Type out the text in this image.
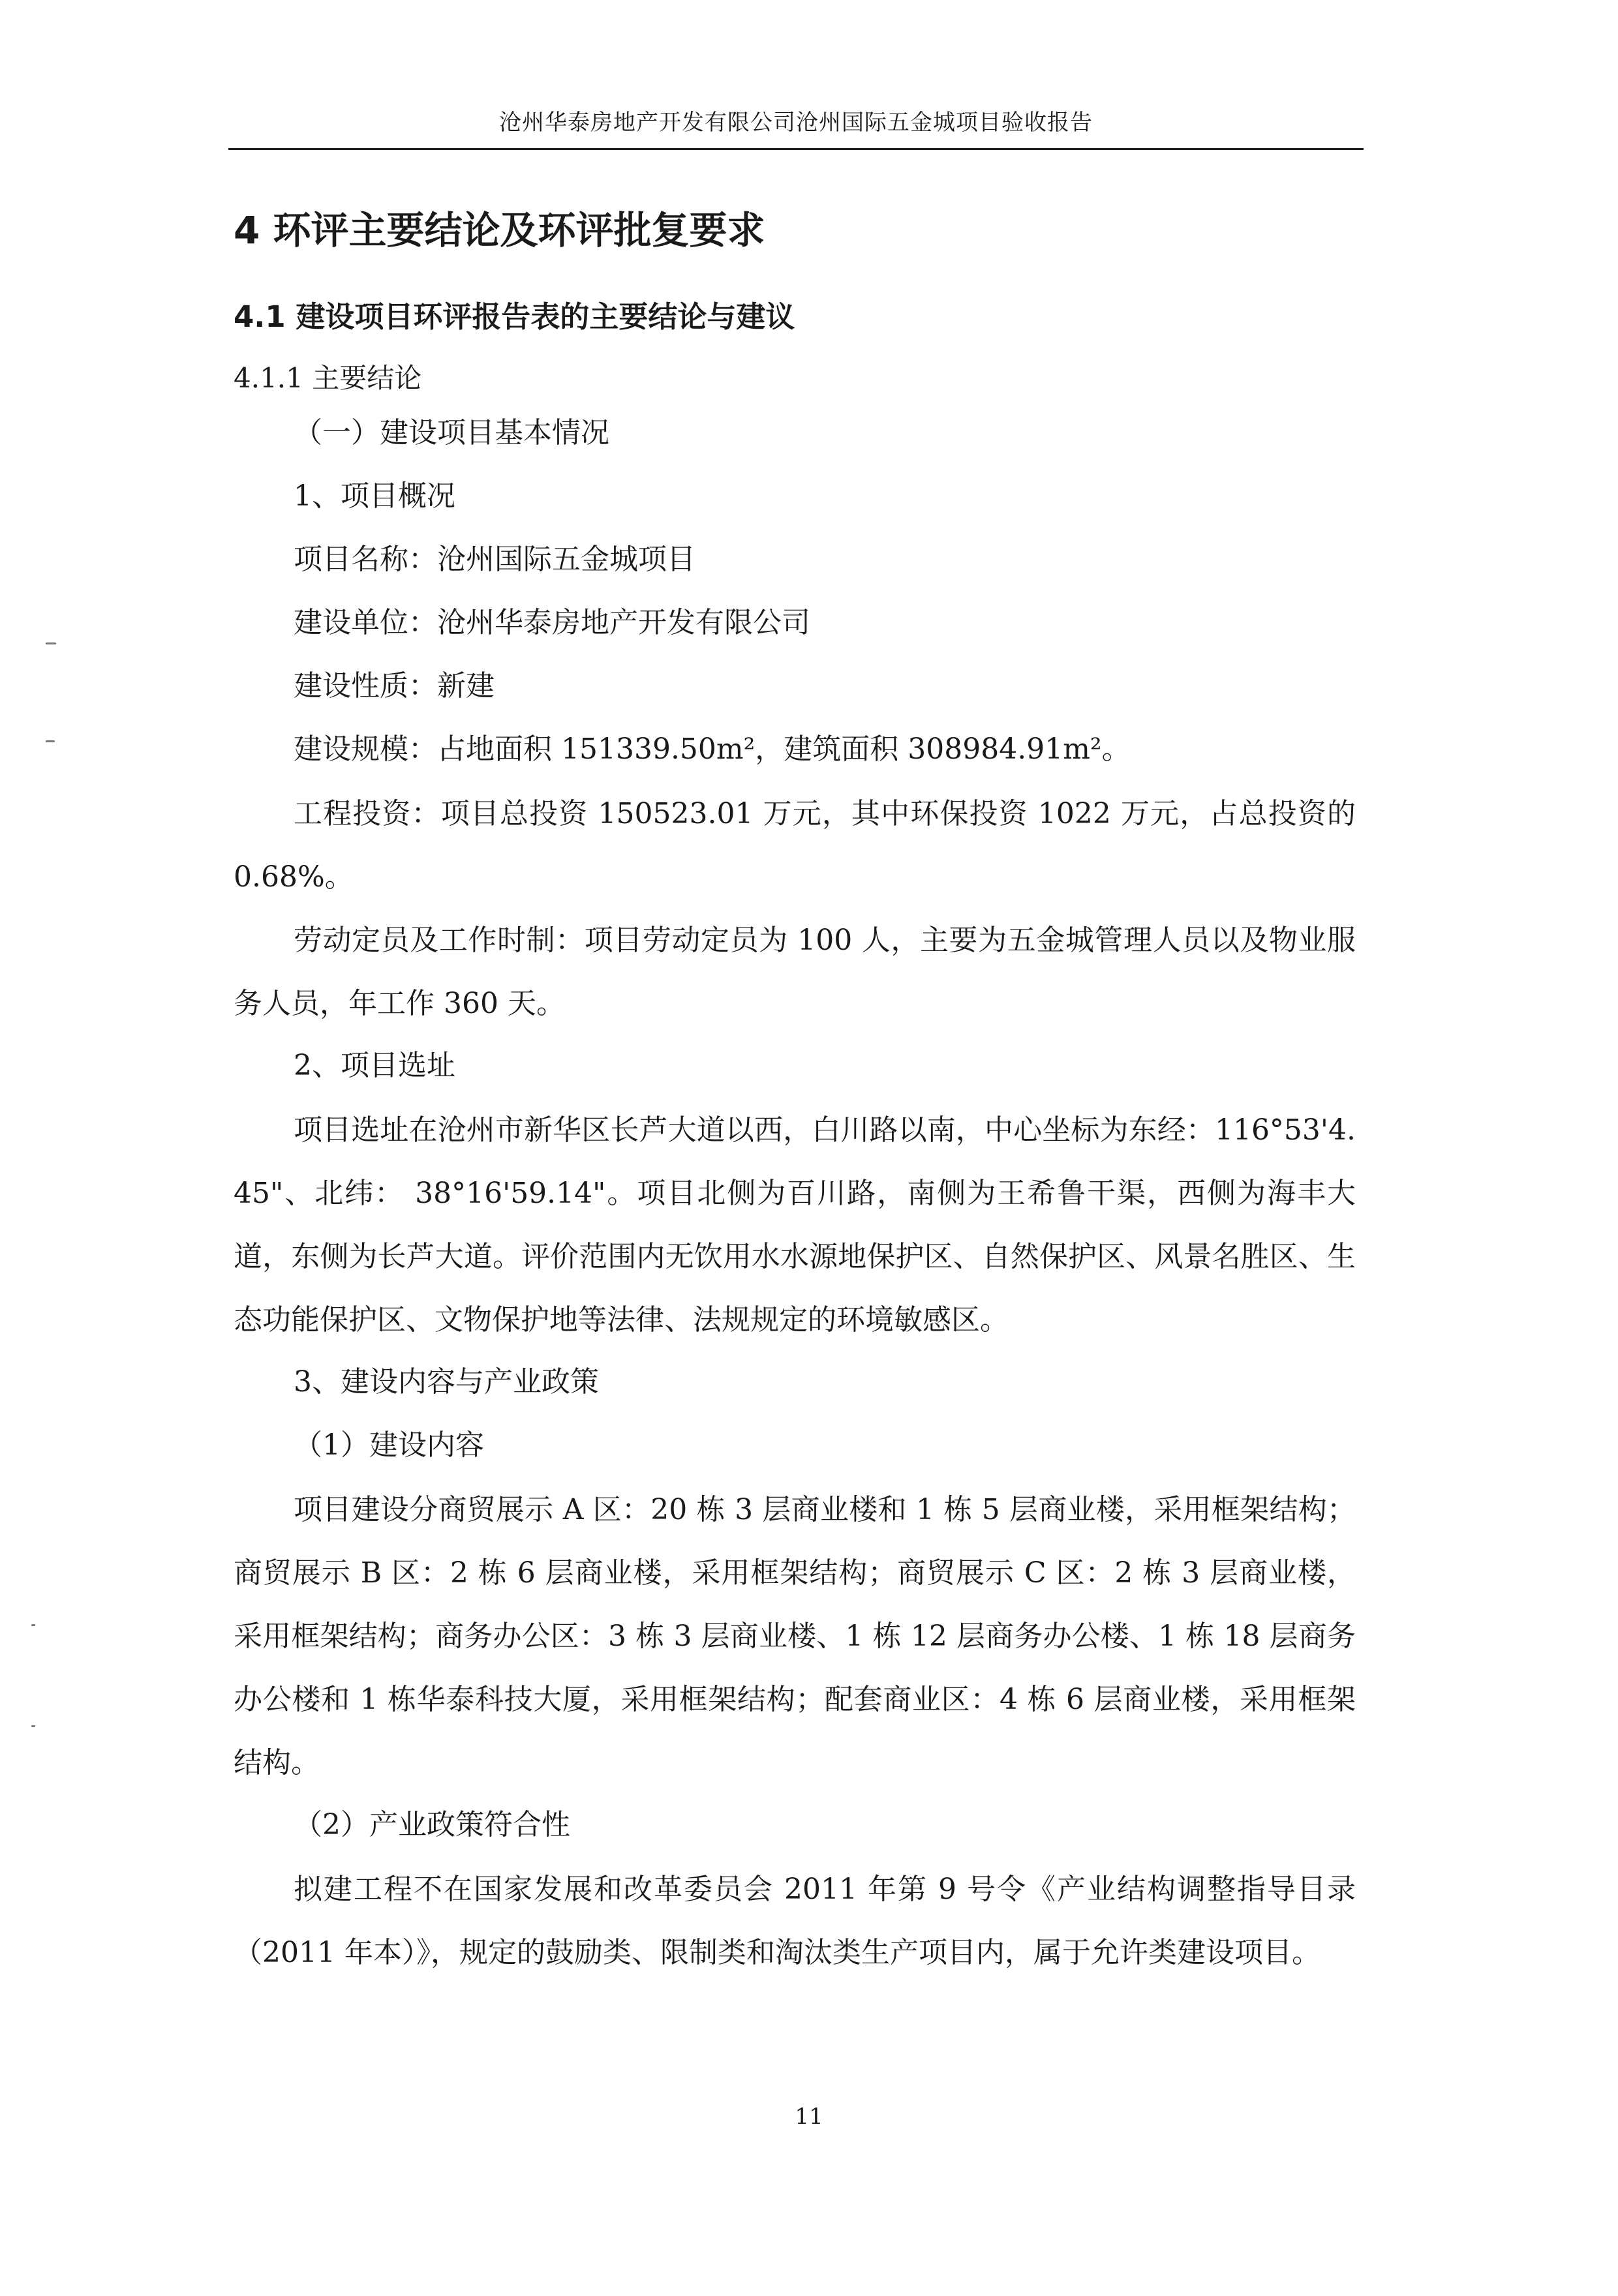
沧州华泰房地产开发有限公司沧州国际五金城项目验收报告
4 环评主要结论及环评批复要求
4.1 建设项目环评报告表的主要结论与建议
4.1.1 主要结论
（一）建设项目基本情况
1、项目概况
项目名称：沧州国际五金城项目
建设单位：沧州华泰房地产开发有限公司
建设性质：新建
建设规模：占地面积 151339.50m²，建筑面积 308984.91m²。
工程投资：项目总投资 150523.01 万元，其中环保投资 1022 万元，占总投资的 0.68%。
劳动定员及工作时制：项目劳动定员为 100 人，主要为五金城管理人员以及物业服务人员，年工作 360 天。
2、项目选址
项目选址在沧州市新华区长芦大道以西，白川路以南，中心坐标为东经：116°53'4.45"、北纬： 38°16'59.14"。项目北侧为百川路，南侧为王希鲁干渠，西侧为海丰大道，东侧为长芦大道。评价范围内无饮用水水源地保护区、自然保护区、风景名胜区、生态功能保护区、文物保护地等法律、法规规定的环境敏感区。
3、建设内容与产业政策
（1）建设内容
项目建设分商贸展示 A 区：20 栋 3 层商业楼和 1 栋 5 层商业楼，采用框架结构；商贸展示 B 区：2 栋 6 层商业楼，采用框架结构；商贸展示 C 区：2 栋 3 层商业楼，采用框架结构；商务办公区：3 栋 3 层商业楼、1 栋 12 层商务办公楼、1 栋 18 层商务办公楼和 1 栋华泰科技大厦，采用框架结构；配套商业区：4 栋 6 层商业楼，采用框架结构。
（2）产业政策符合性
拟建工程不在国家发展和改革委员会 2011 年第 9 号令《产业结构调整指导目录（2011 年本）》，规定的鼓励类、限制类和淘汰类生产项目内，属于允许类建设项目。
11
